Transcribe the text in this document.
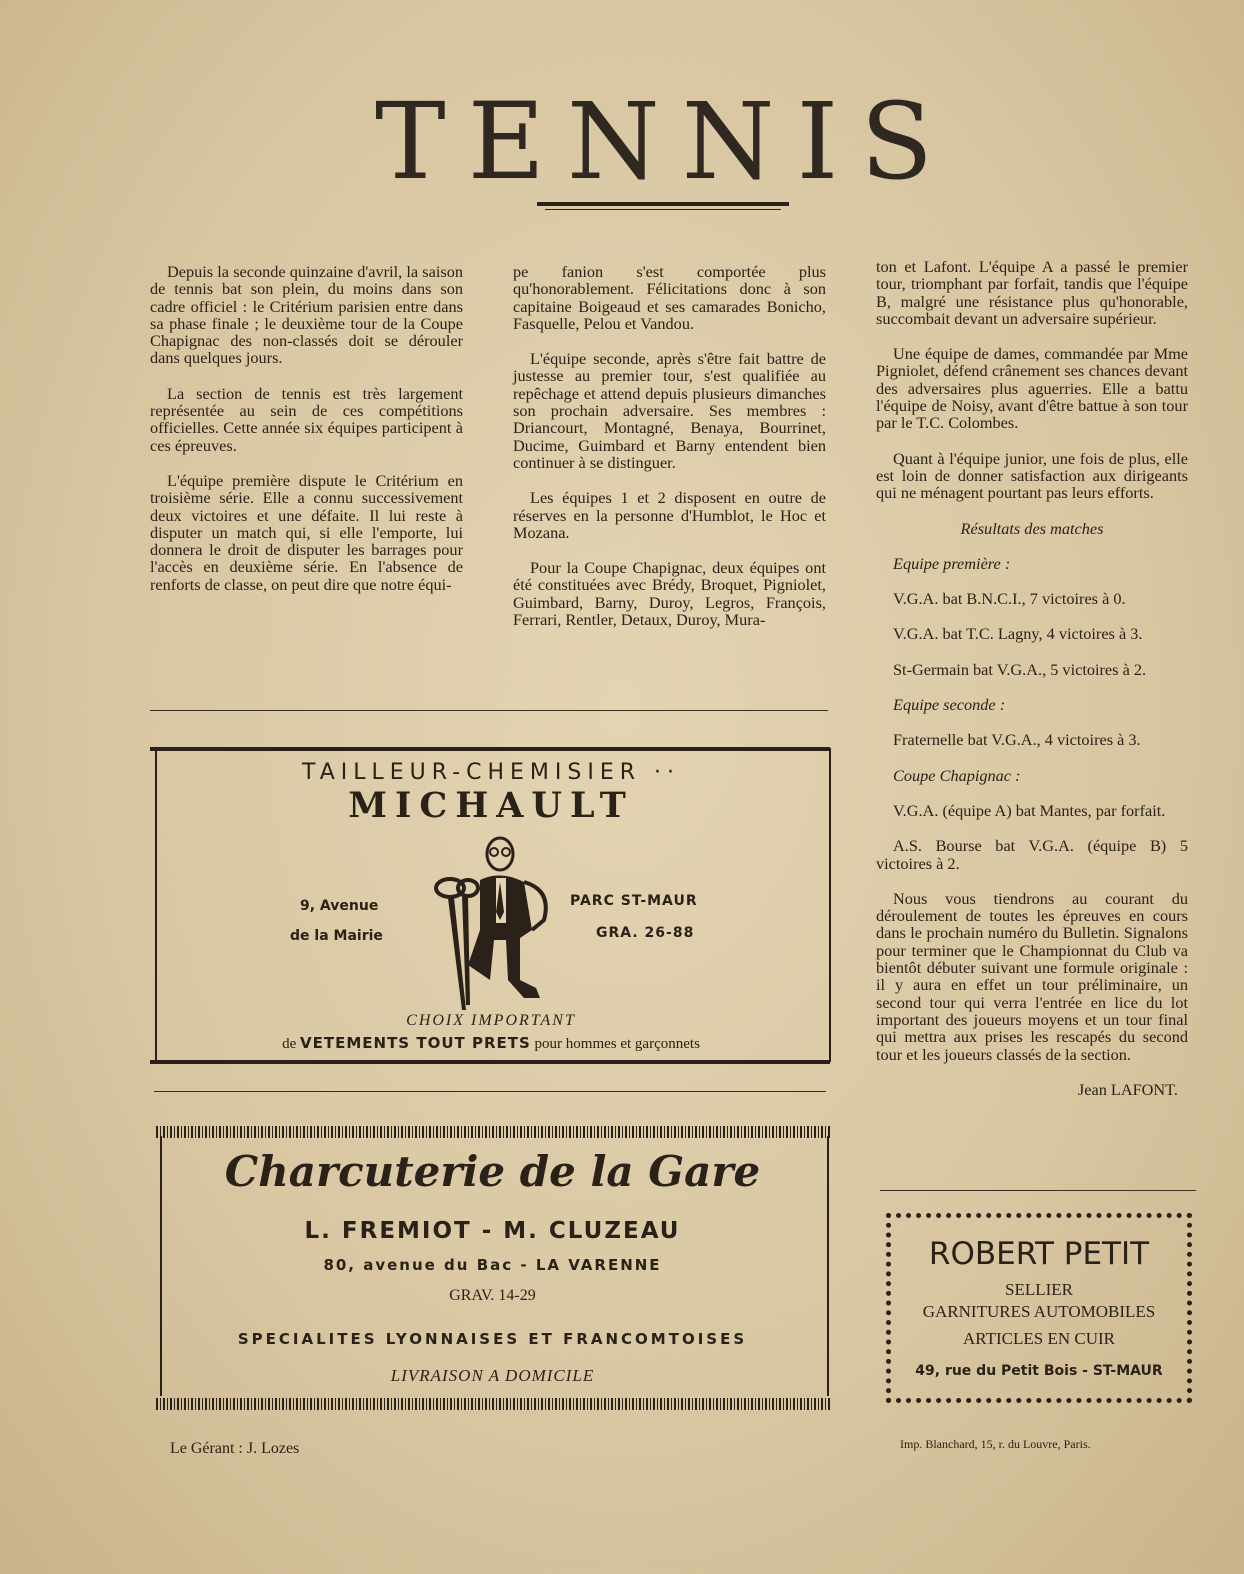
TENNIS

Depuis la seconde quinzaine d'avril, la saison de tennis bat son plein, du moins dans son cadre officiel : le Critérium parisien entre dans sa phase finale ; le deuxième tour de la Coupe Chapignac des non-classés doit se dérouler dans quelques jours.

La section de tennis est très largement représentée au sein de ces compétitions officielles. Cette année six équipes participent à ces épreuves.

L'équipe première dispute le Critérium en troisième série. Elle a connu successivement deux victoires et une défaite. Il lui reste à disputer un match qui, si elle l'emporte, lui donnera le droit de disputer les barrages pour l'accès en deuxième série. En l'absence de renforts de classe, on peut dire que notre équi-

pe fanion s'est comportée plus qu'honorablement. Félicitations donc à son capitaine Boigeaud et ses camarades Bonicho, Fasquelle, Pelou et Vandou.

L'équipe seconde, après s'être fait battre de justesse au premier tour, s'est qualifiée au repêchage et attend depuis plusieurs dimanches son prochain adversaire. Ses membres : Driancourt, Montagné, Benaya, Bourrinet, Ducime, Guimbard et Barny entendent bien continuer à se distinguer.

Les équipes 1 et 2 disposent en outre de réserves en la personne d'Humblot, le Hoc et Mozana.

Pour la Coupe Chapignac, deux équipes ont été constituées avec Brédy, Broquet, Pigniolet, Guimbard, Barny, Duroy, Legros, François, Ferrari, Rentler, Detaux, Duroy, Mura-

ton et Lafont. L'équipe A a passé le premier tour, triomphant par forfait, tandis que l'équipe B, malgré une résistance plus qu'honorable, succombait devant un adversaire supérieur.

Une équipe de dames, commandée par Mme Pigniolet, défend crânement ses chances devant des adversaires plus aguerries. Elle a battu l'équipe de Noisy, avant d'être battue à son tour par le T.C. Colombes.

Quant à l'équipe junior, une fois de plus, elle est loin de donner satisfaction aux dirigeants qui ne ménagent pourtant pas leurs efforts.

Résultats des matches

Equipe première :

V.G.A. bat B.N.C.I., 7 victoires à 0.

V.G.A. bat T.C. Lagny, 4 victoires à 3.

St-Germain bat V.G.A., 5 victoires à 2.

Equipe seconde :

Fraternelle bat V.G.A., 4 victoires à 3.

Coupe Chapignac :

V.G.A. (équipe A) bat Mantes, par forfait.

A.S. Bourse bat V.G.A. (équipe B) 5 victoires à 2.

Nous vous tiendrons au courant du déroulement de toutes les épreuves en cours dans le prochain numéro du Bulletin. Signalons pour terminer que le Championnat du Club va bientôt débuter suivant une formule originale : il y aura en effet un tour préliminaire, un second tour qui verra l'entrée en lice du lot important des joueurs moyens et un tour final qui mettra aux prises les rescapés du second tour et les joueurs classés de la section.

Jean LAFONT.
TAILLEUR-CHEMISIER ··
MICHAULT
9, Avenue
de la Mairie
PARC ST-MAUR
GRA. 26-88
CHOIX IMPORTANT
de VETEMENTS TOUT PRETS pour hommes et garçonnets
Charcuterie de la Gare
L. FREMIOT - M. CLUZEAU
80, avenue du Bac - LA VARENNE
GRAV. 14-29
SPECIALITES LYONNAISES ET FRANCOMTOISES
LIVRAISON A DOMICILE
ROBERT PETIT
SELLIER
GARNITURES AUTOMOBILES
ARTICLES EN CUIR
49, rue du Petit Bois - ST-MAUR
Le Gérant : J. Lozes	Imp. Blanchard, 15, r. du Louvre, Paris.
